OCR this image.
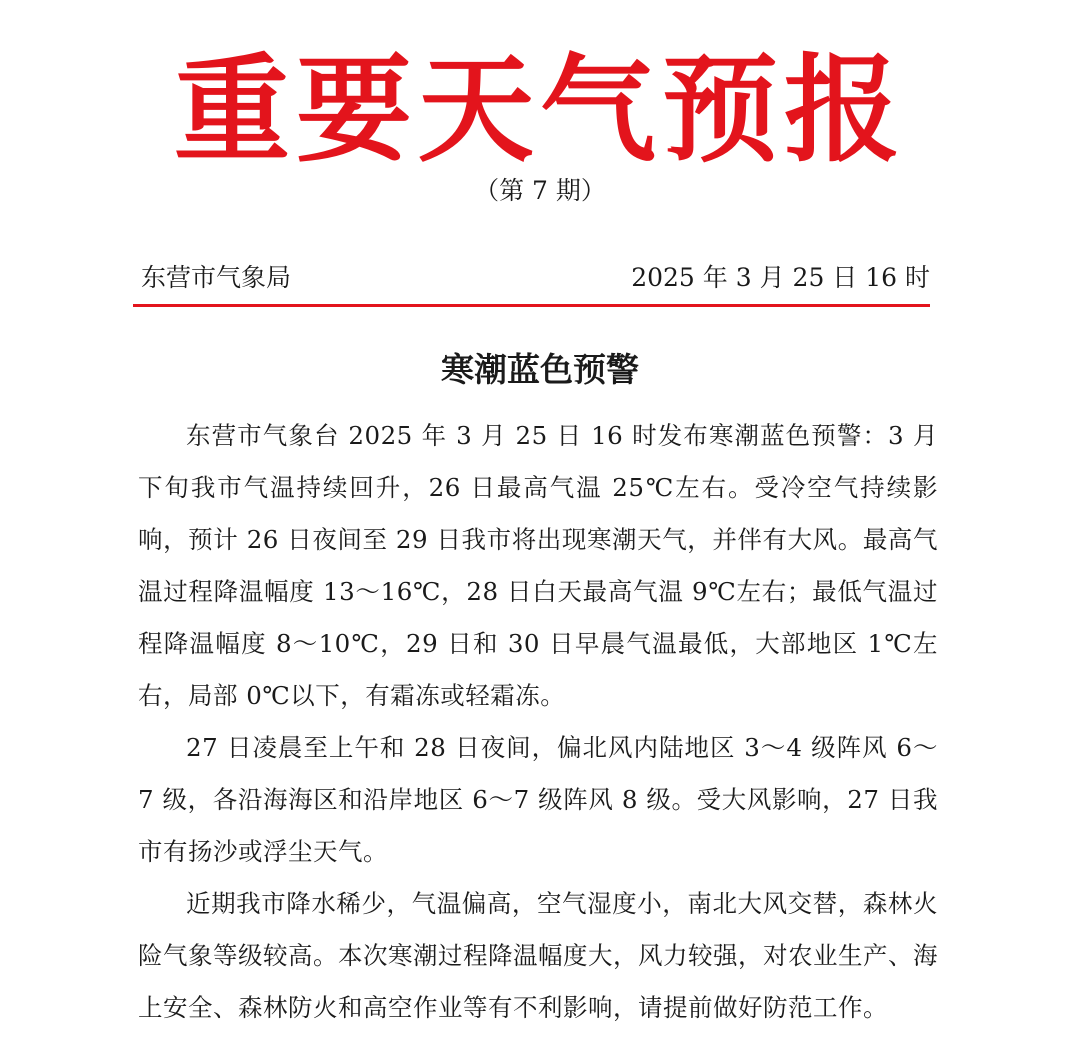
重要天气预报
（第 7 期）
东营市气象局	2025 年 3 月 25 日 16 时
寒潮蓝色预警

东营市气象台 2025 年 3 月 25 日 16 时发布寒潮蓝色预警：3 月下旬我市气温持续回升，26 日最高气温 25℃左右。受冷空气持续影响，预计 26 日夜间至 29 日我市将出现寒潮天气，并伴有大风。最高气温过程降温幅度 13～16℃，28 日白天最高气温 9℃左右；最低气温过程降温幅度 8～10℃，29 日和 30 日早晨气温最低，大部地区 1℃左右，局部 0℃以下，有霜冻或轻霜冻。

27 日凌晨至上午和 28 日夜间，偏北风内陆地区 3～4 级阵风 6～7 级，各沿海海区和沿岸地区 6～7 级阵风 8 级。受大风影响，27 日我市有扬沙或浮尘天气。

近期我市降水稀少，气温偏高，空气湿度小，南北大风交替，森林火险气象等级较高。本次寒潮过程降温幅度大，风力较强，对农业生产、海上安全、森林防火和高空作业等有不利影响，请提前做好防范工作。
